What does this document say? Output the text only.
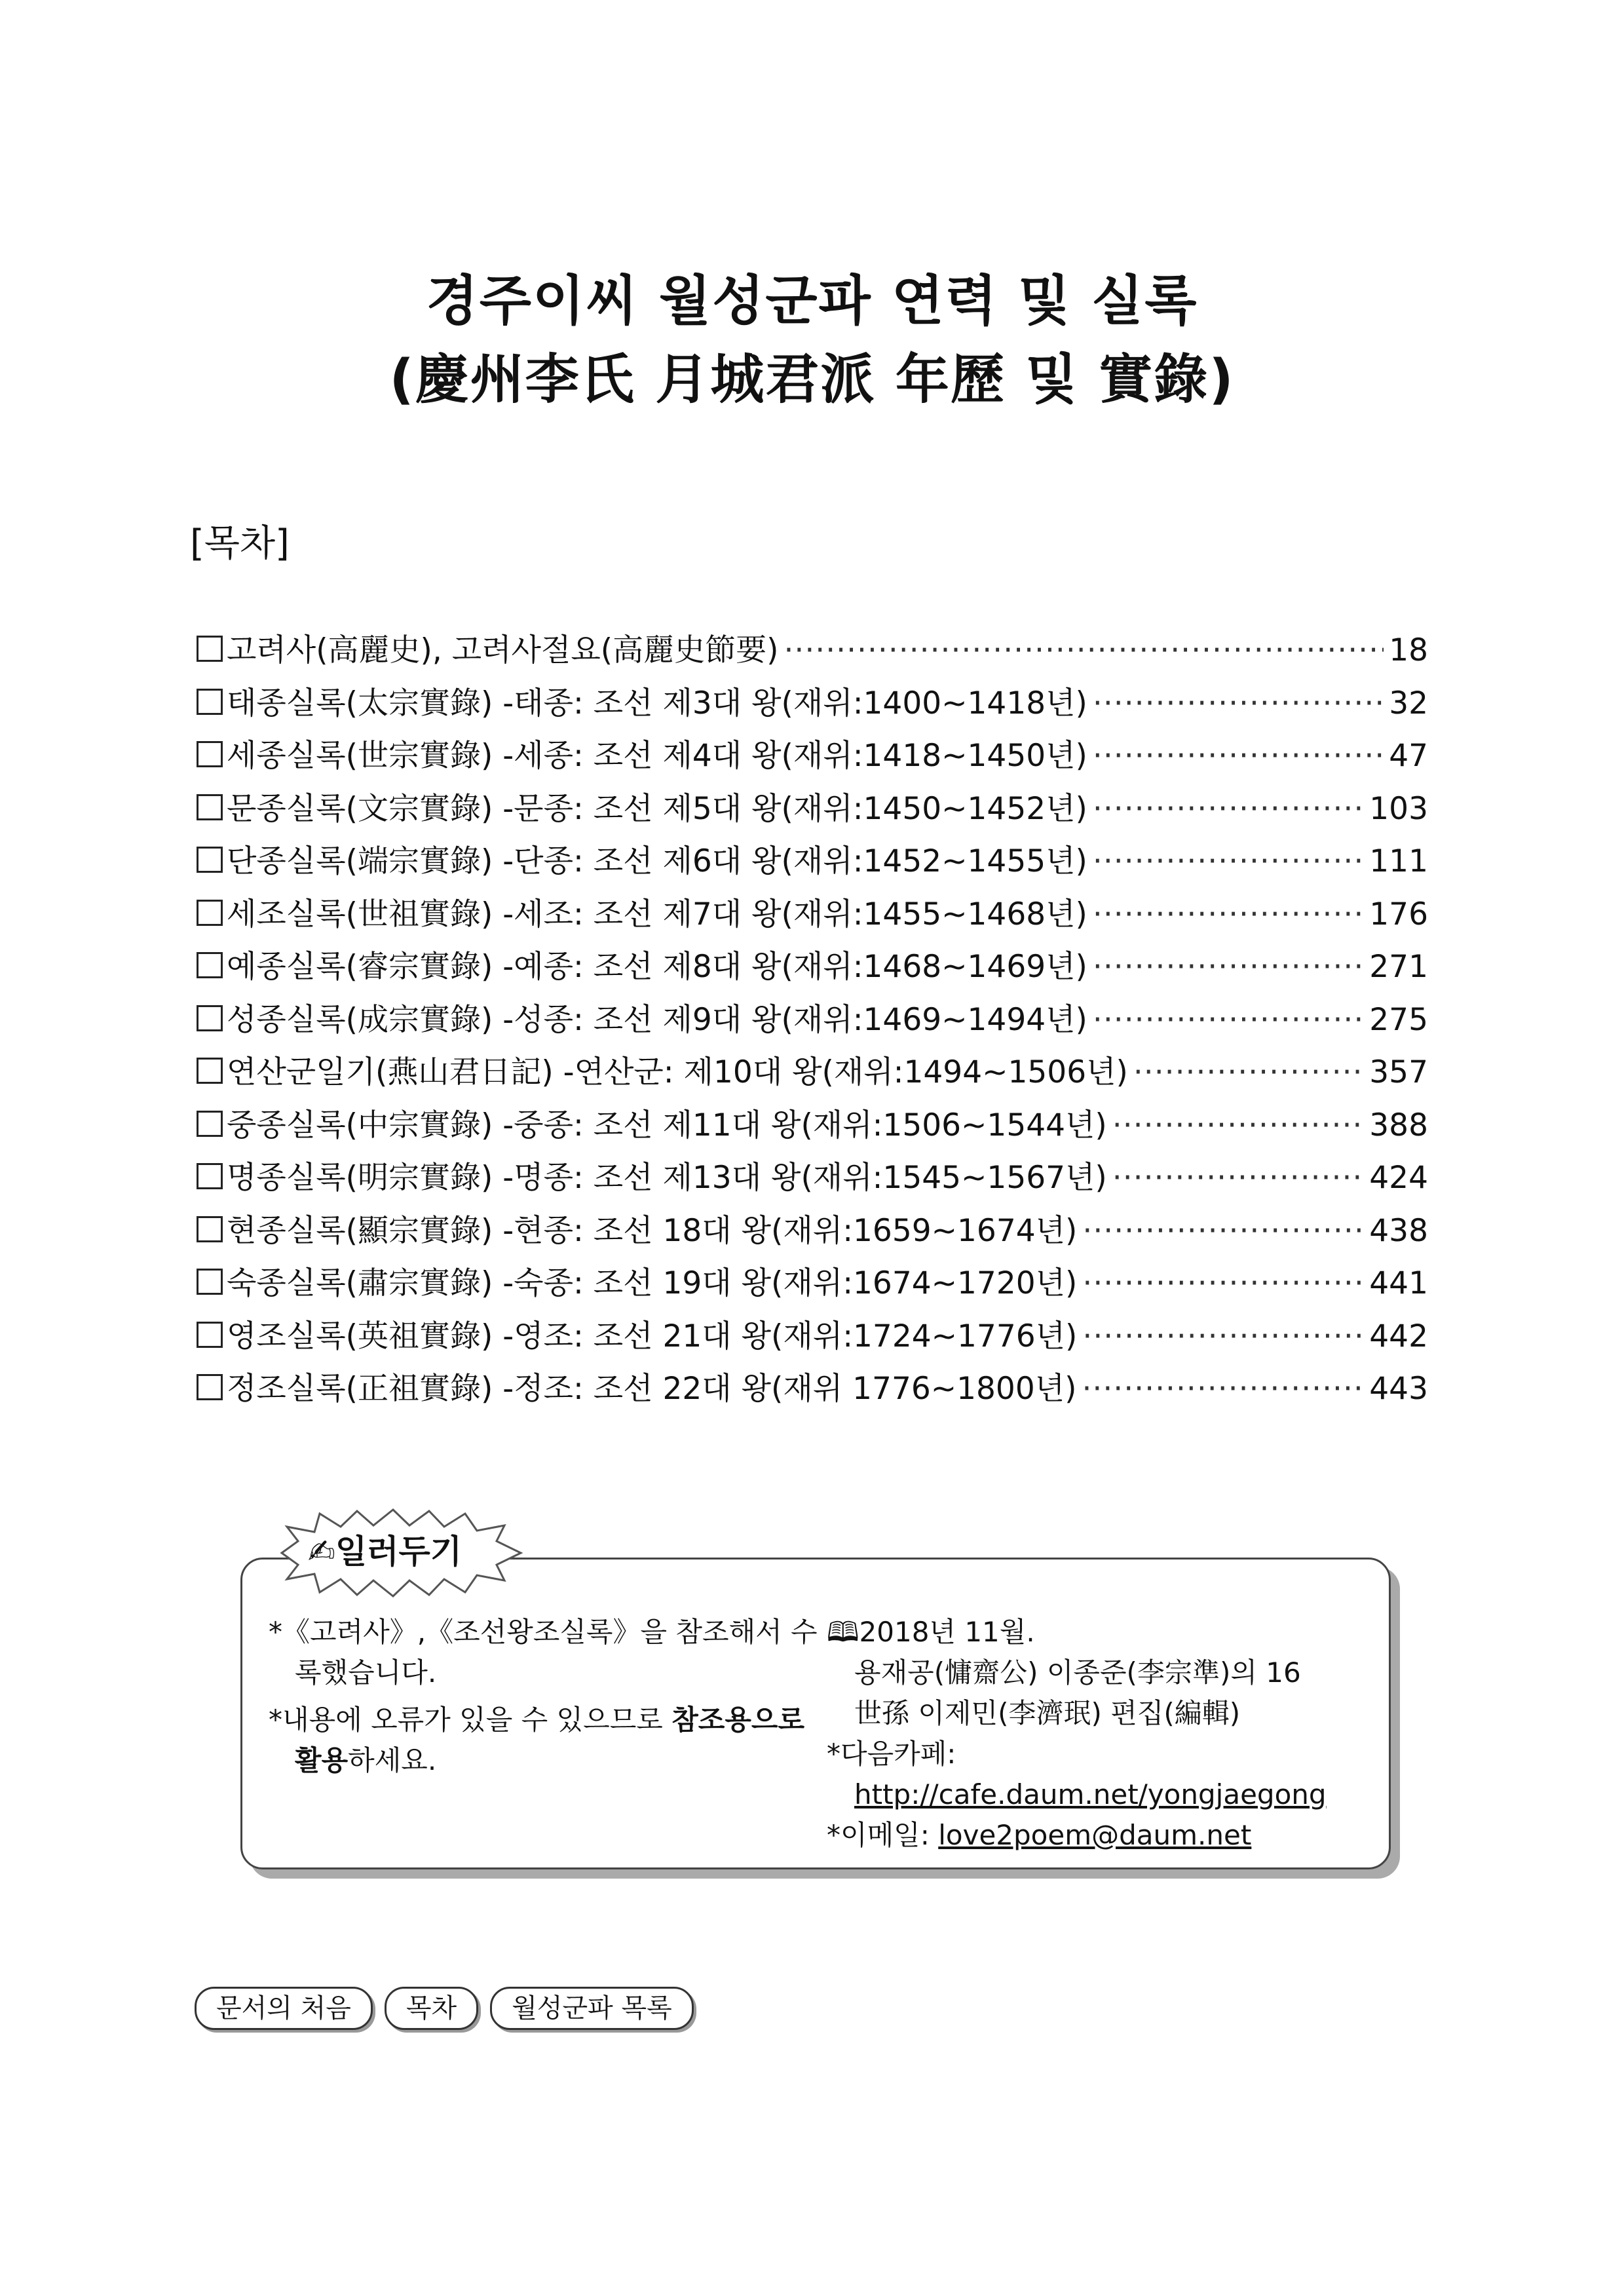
경주이씨 월성군파 연력 및 실록
(慶州李氏 月城君派 年歷 및 實錄)
[목차]
고려사(高麗史), 고려사절요(高麗史節要) ·····	18
태종실록(太宗實錄) -태종: 조선 제3대 왕(재위:1400~1418년) ·····	32
세종실록(世宗實錄) -세종: 조선 제4대 왕(재위:1418~1450년) ·····	47
문종실록(文宗實錄) -문종: 조선 제5대 왕(재위:1450~1452년) ·····	103
단종실록(端宗實錄) -단종: 조선 제6대 왕(재위:1452~1455년) ·····	111
세조실록(世祖實錄) -세조: 조선 제7대 왕(재위:1455~1468년) ·····	176
예종실록(睿宗實錄) -예종: 조선 제8대 왕(재위:1468~1469년) ·····	271
성종실록(成宗實錄) -성종: 조선 제9대 왕(재위:1469~1494년) ·····	275
연산군일기(燕山君日記) -연산군: 제10대 왕(재위:1494~1506년) ·····	357
중종실록(中宗實錄) -중종: 조선 제11대 왕(재위:1506~1544년) ·····	388
명종실록(明宗實錄) -명종: 조선 제13대 왕(재위:1545~1567년) ·····	424
현종실록(顯宗實錄) -현종: 조선 18대 왕(재위:1659~1674년) ·····	438
숙종실록(肅宗實錄) -숙종: 조선 19대 왕(재위:1674~1720년) ·····	441
영조실록(英祖實錄) -영조: 조선 21대 왕(재위:1724~1776년) ·····	442
정조실록(正祖實錄) -정조: 조선 22대 왕(재위 1776~1800년) ·····	443
✍일러두기
*《고려사》,《조선왕조실록》을 참조해서 수록했습니다.
*내용에 오류가 있을 수 있으므로 참조용으로 활용하세요.
🕮2018년 11월.
용재공(慵齋公) 이종준(李宗準)의 16
世孫 이제민(李濟珉) 편집(編輯)
*다음카페:
http://cafe.daum.net/yongjaegong
*이메일: love2poem@daum.net
문서의 처음	목차	월성군파 목록
